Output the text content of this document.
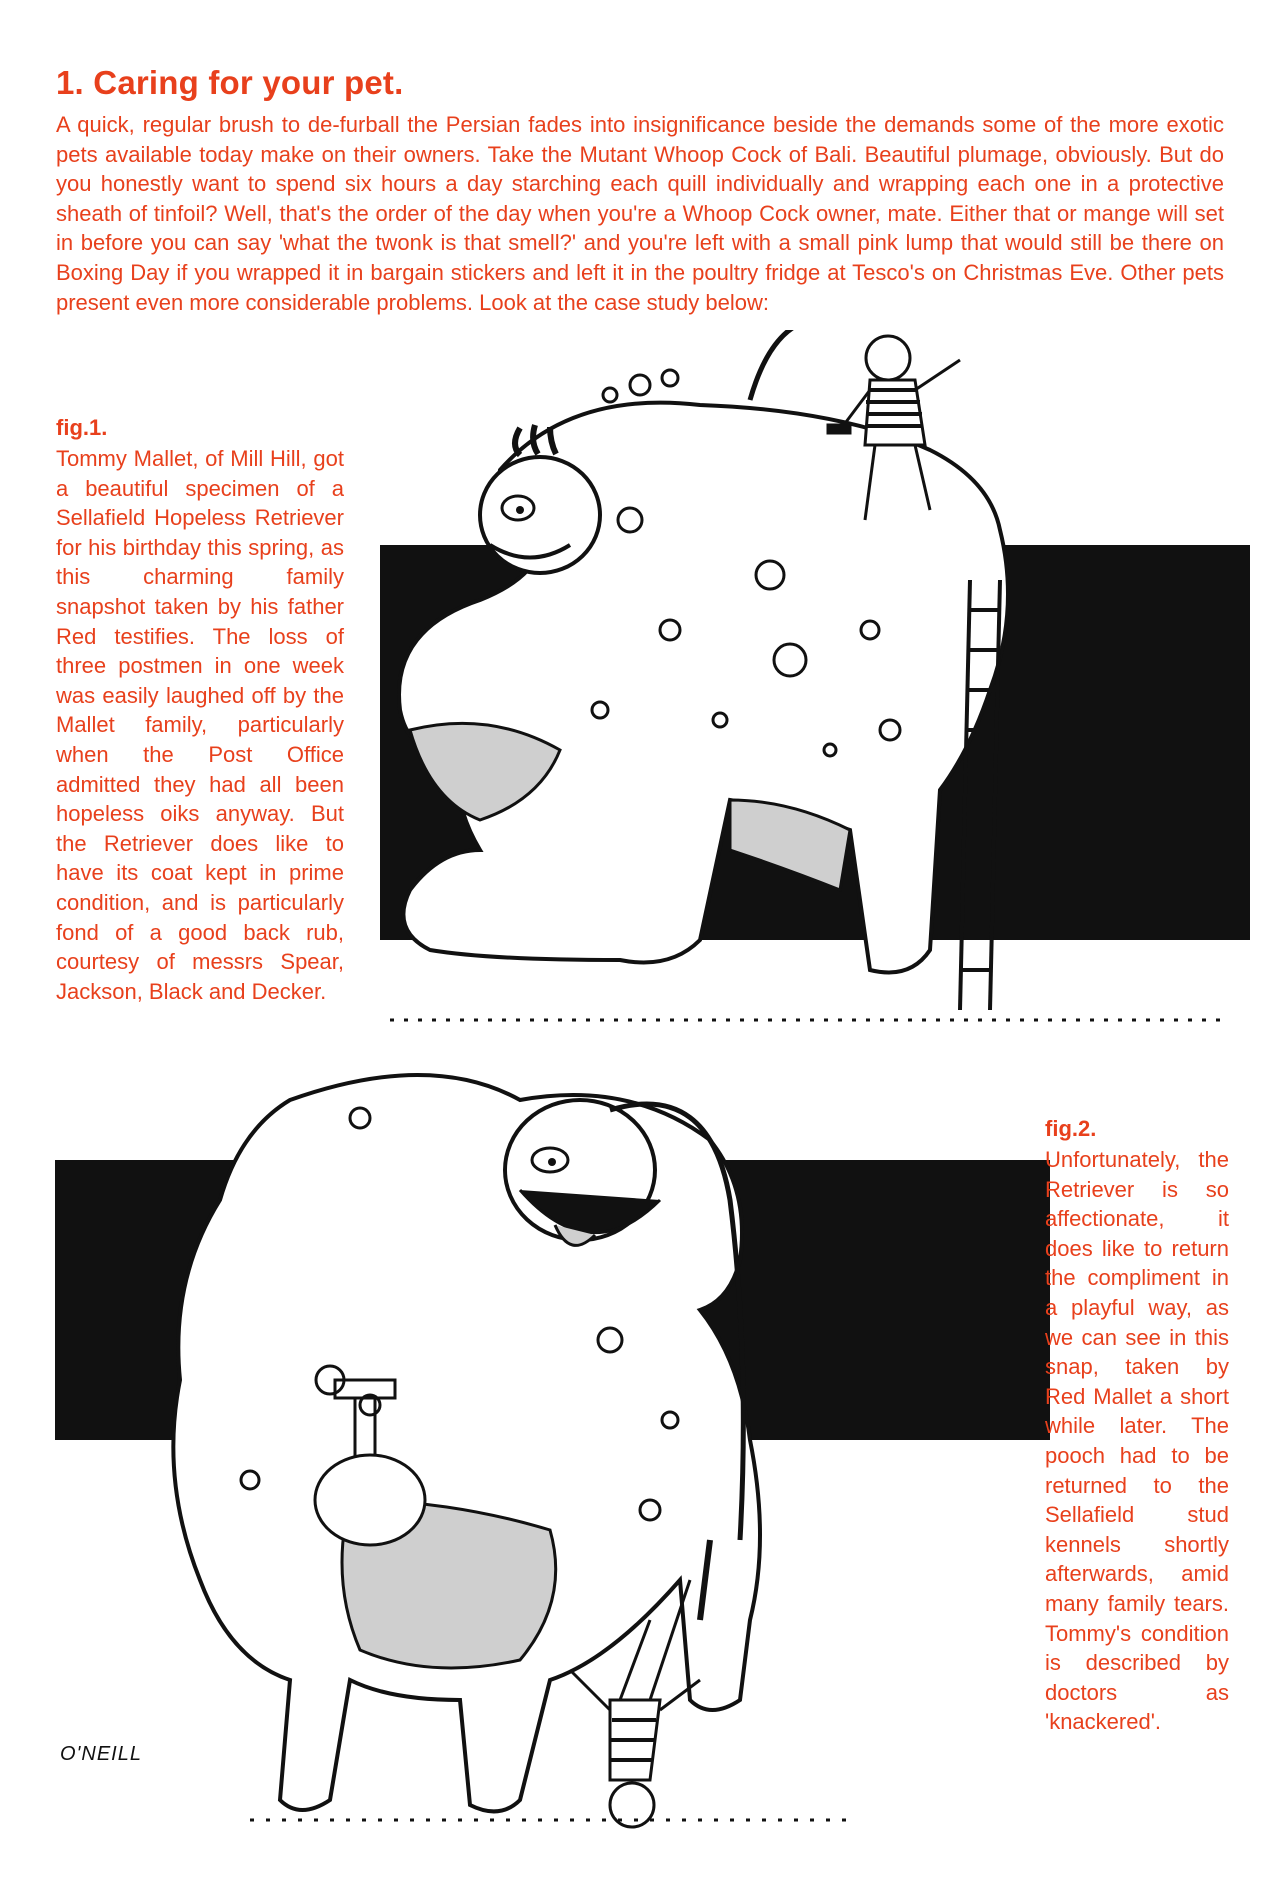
1. Caring for your pet.

A quick, regular brush to de-furball the Persian fades into insignificance beside the demands some of the more exotic pets available today make on their owners. Take the Mutant Whoop Cock of Bali. Beautiful plumage, obviously. But do you honestly want to spend six hours a day starching each quill individually and wrapping each one in a protective sheath of tinfoil? Well, that's the order of the day when you're a Whoop Cock owner, mate. Either that or mange will set in before you can say 'what the twonk is that smell?' and you're left with a small pink lump that would still be there on Boxing Day if you wrapped it in bargain stickers and left it in the poultry fridge at Tesco's on Christmas Eve. Other pets present even more considerable problems. Look at the case study below:

fig.1.

Tommy Mallet, of Mill Hill, got a beautiful specimen of a Sellafield Hopeless Retriever for his birthday this spring, as this charming family snapshot taken by his father Red testifies. The loss of three postmen in one week was easily laughed off by the Mallet family, particularly when the Post Office admitted they had all been hopeless oiks anyway. But the Retriever does like to have its coat kept in prime condition, and is particularly fond of a good back rub, courtesy of messrs Spear, Jackson, Black and Decker.

O'NEILL
fig.2.

Unfortunately, the Retriever is so affectionate, it does like to return the compliment in a playful way, as we can see in this snap, taken by Red Mallet a short while later. The pooch had to be returned to the Sellafield stud kennels shortly afterwards, amid many family tears. Tommy's condition is described by doctors as 'knackered'.
